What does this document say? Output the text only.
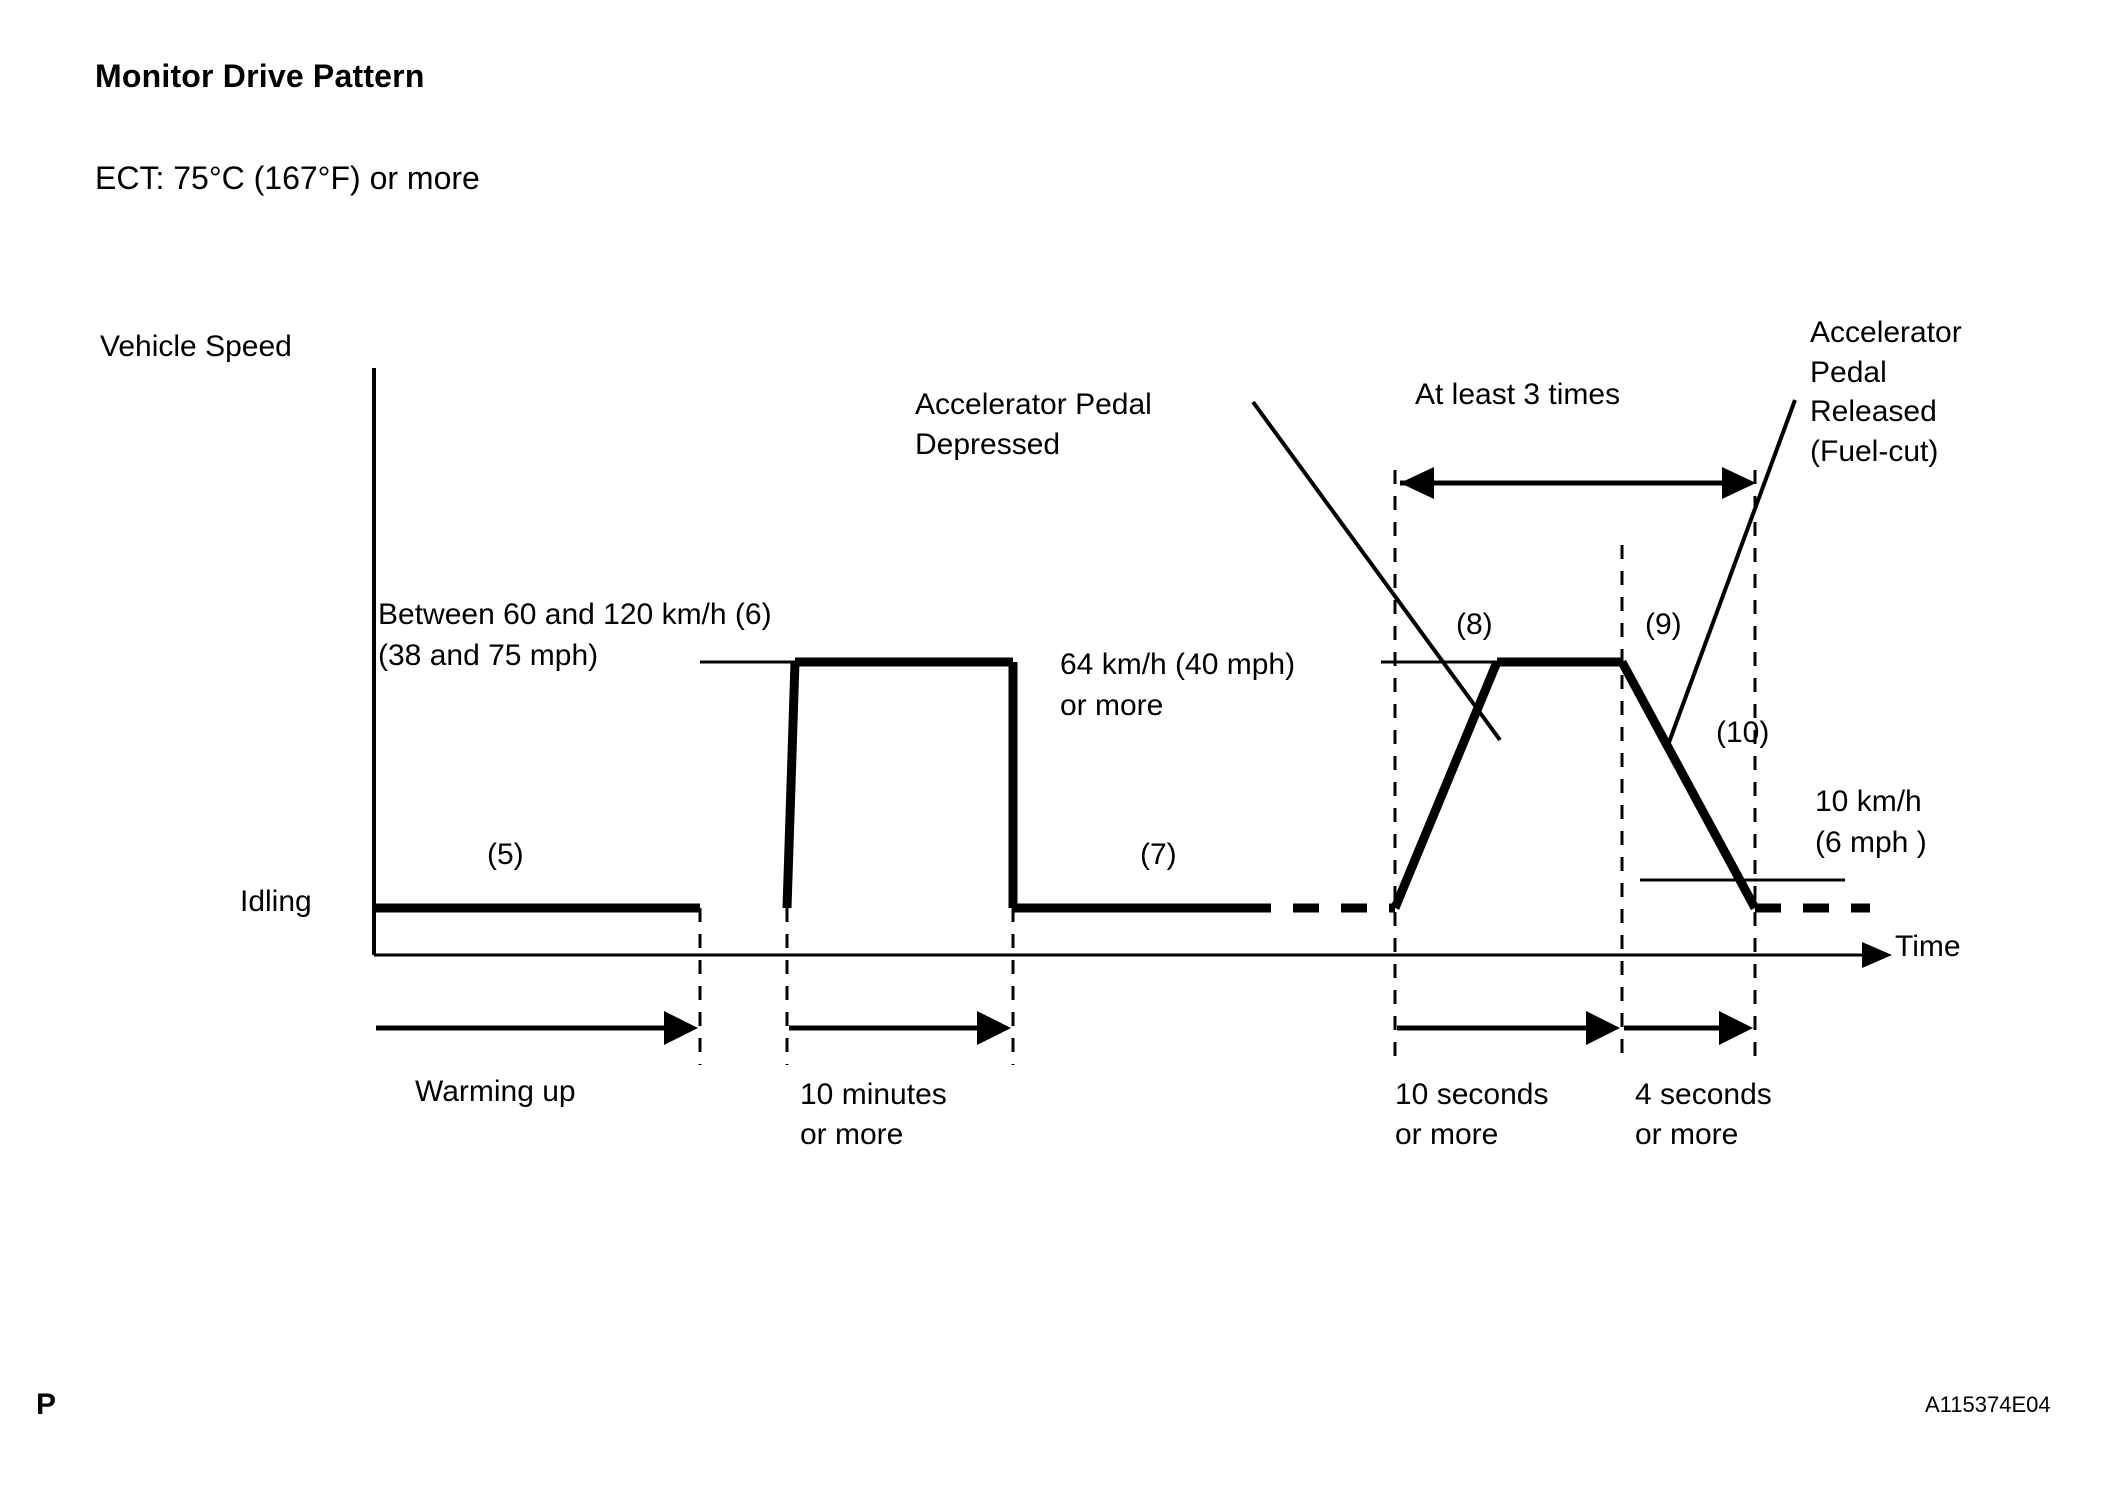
Monitor Drive Pattern
ECT: 75°C (167°F) or more
Vehicle Speed
Time
Idling
Accelerator Pedal
Depressed
At least 3 times
Accelerator
Pedal
Released
(Fuel-cut)
Between 60 and 120 km/h (6)
(38 and 75 mph)	64 km/h (40 mph)
or more
10 km/h
(6 mph )
(5)	(7)
(8)	(9)
(10)
Warming up	10 minutes
or more
10 seconds
or more
4 seconds
or more
P	A115374E04
